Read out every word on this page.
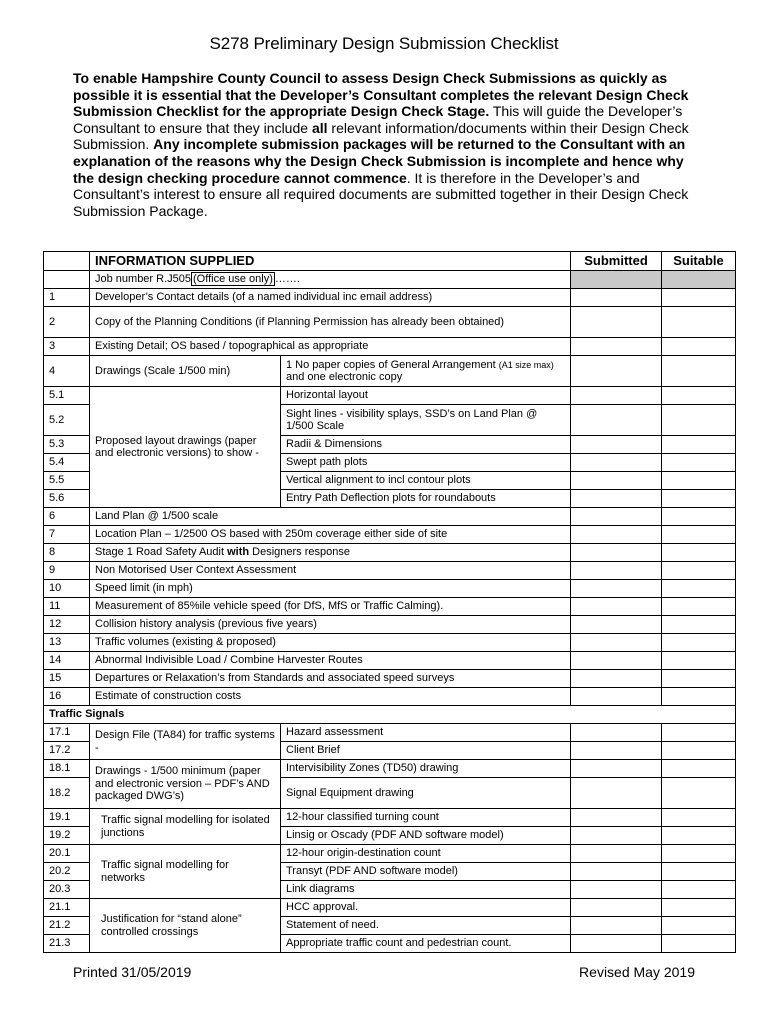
S278 Preliminary Design Submission Checklist
To enable Hampshire County Council to assess Design Check Submissions as quickly as possible it is essential that the Developer’s Consultant completes the relevant Design Check Submission Checklist for the appropriate Design Check Stage. This will guide the Developer’s Consultant to ensure that they include all relevant information/documents within their Design Check Submission. Any incomplete submission packages will be returned to the Consultant with an explanation of the reasons why the Design Check Submission is incomplete and hence why the design checking procedure cannot commence. It is therefore in the Developer’s and Consultant’s interest to ensure all required documents are submitted together in their Design Check Submission Package.
	INFORMATION SUPPLIED		Submitted	Suitable
	Job number R.J505 (Office use only) …….			
1	Developer’s Contact details (of a named individual inc email address)			
2	Copy of the Planning Conditions (if Planning Permission has already been obtained)			
3	Existing Detail; OS based / topographical as appropriate			
4	Drawings (Scale 1/500 min)	1 No paper copies of General Arrangement (A1 size max) and one electronic copy		
5.1	Proposed layout drawings (paper and electronic versions) to show -	Horizontal layout		
5.2		Sight lines - visibility splays, SSD’s on Land Plan @ 1/500 Scale		
5.3		Radii & Dimensions		
5.4		Swept path plots		
5.5		Vertical alignment to incl contour plots		
5.6		Entry Path Deflection plots for roundabouts		
6	Land Plan @ 1/500 scale			
7	Location Plan – 1/2500 OS based with 250m coverage either side of site			
8	Stage 1 Road Safety Audit with Designers response			
9	Non Motorised User Context Assessment			
10	Speed limit (in mph)			
11	Measurement of 85%ile vehicle speed (for DfS, MfS or Traffic Calming).			
12	Collision history analysis (previous five years)			
13	Traffic volumes (existing & proposed)			
14	Abnormal Indivisible Load / Combine Harvester Routes			
15	Departures or Relaxation’s from Standards and associated speed surveys			
16	Estimate of construction costs			
Traffic Signals				
17.1	Design File (TA84) for traffic systems -	Hazard assessment		
17.2		Client Brief		
18.1	Drawings - 1/500 minimum (paper and electronic version – PDF’s AND packaged DWG’s)	Intervisibility Zones (TD50) drawing		
18.2		Signal Equipment drawing		
19.1	Traffic signal modelling for isolated junctions	12-hour classified turning count		
19.2		Linsig or Oscady (PDF AND software model)		
20.1	Traffic signal modelling for networks	12-hour origin-destination count		
20.2		Transyt (PDF AND software model)		
20.3		Link diagrams		
21.1	Justification for “stand alone” controlled crossings	HCC approval.		
21.2		Statement of need.		
21.3		Appropriate traffic count and pedestrian count.		
Printed 31/05/2019	Revised May 2019
